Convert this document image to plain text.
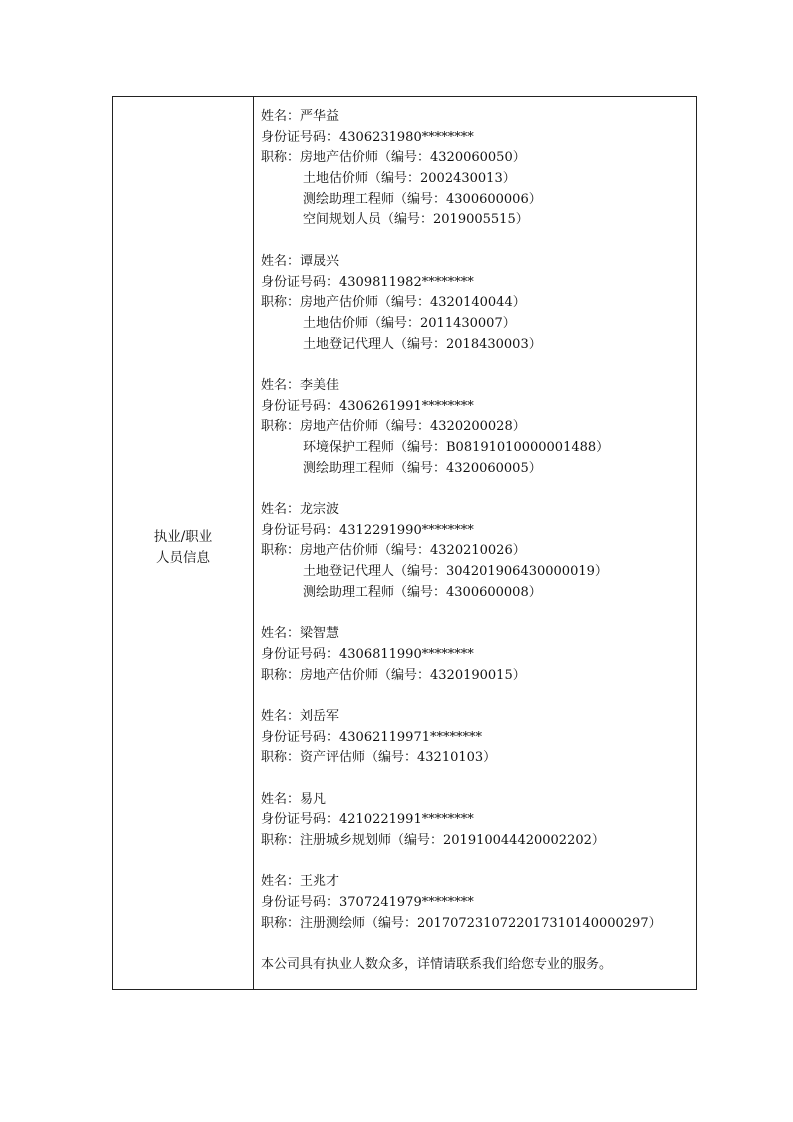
执业/职业
人员信息
姓名：严华益
身份证号码：4306231980********
职称：房地产估价师（编号：4320060050）
土地估价师（编号：2002430013）
测绘助理工程师（编号：4300600006）
空间规划人员（编号：2019005515）
姓名：谭晟兴
身份证号码：4309811982********
职称：房地产估价师（编号：4320140044）
土地估价师（编号：2011430007）
土地登记代理人（编号：2018430003）
姓名：李美佳
身份证号码：4306261991********
职称：房地产估价师（编号：4320200028）
环境保护工程师（编号：B08191010000001488）
测绘助理工程师（编号：4320060005）
姓名：龙宗波
身份证号码：4312291990********
职称：房地产估价师（编号：4320210026）
土地登记代理人（编号：304201906430000019）
测绘助理工程师（编号：4300600008）
姓名：梁智慧
身份证号码：4306811990********
职称：房地产估价师（编号：4320190015）
姓名：刘岳军
身份证号码：43062119971********
职称：资产评估师（编号：43210103）
姓名：易凡
身份证号码：4210221991********
职称：注册城乡规划师（编号：201910044420002202）
姓名：王兆才
身份证号码：3707241979********
职称：注册测绘师（编号：20170723107220173101400002​97）
本公司具有执业人数众多，详情请联系我们给您专业的服务。
